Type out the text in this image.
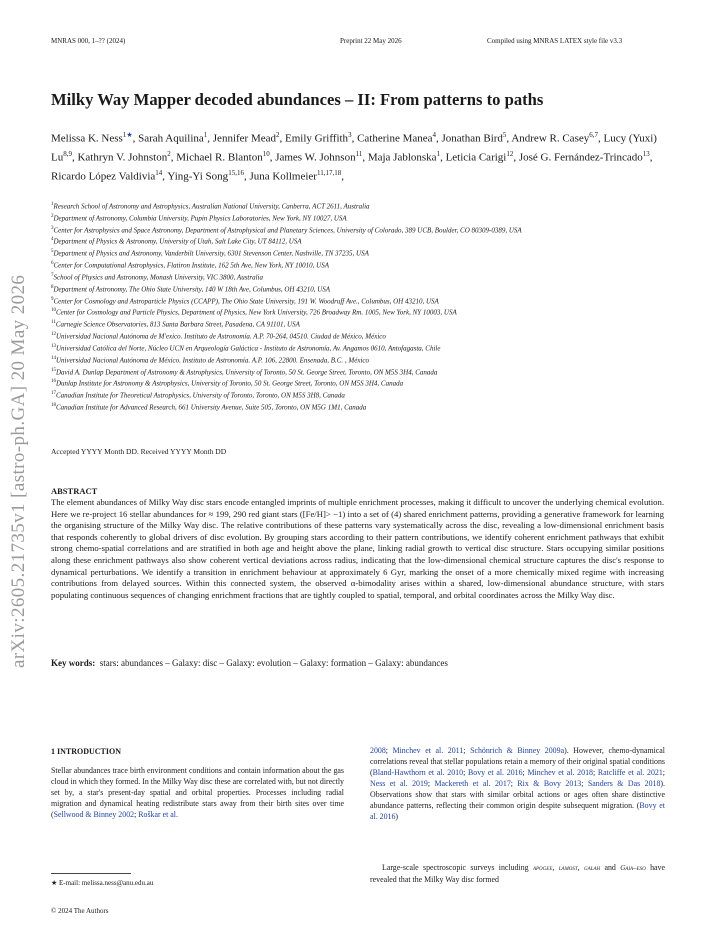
MNRAS 000, 1–?? (2024)	Preprint 22 May 2026	Compiled using MNRAS LATEX style file v3.3
arXiv:2605.21735v1 [astro-ph.GA] 20 May 2026
Milky Way Mapper decoded abundances – II: From patterns to paths
Melissa K. Ness$^{1★}$, Sarah Aquilina$^1$, Jennifer Mead$^2$, Emily Griffith$^3$, Catherine Manea$^4$, Jonathan Bird$^5$, Andrew R. Casey$^{6,7}$, Lucy (Yuxi) Lu$^{8,9}$, Kathryn V. Johnston$^2$, Michael R. Blanton$^{10}$, James W. Johnson$^{11}$, Maja Jablonska$^1$, Leticia Carigi$^{12}$, José G. Fernández-Trincado$^{13}$, Ricardo López Valdivia$^{14}$, Ying-Yi Song$^{15,16}$, Juna Kollmeier$^{11,17,18}$,
$^1$Research School of Astronomy and Astrophysics, Australian National University, Canberra, ACT 2611, Australia
$^2$Department of Astronomy, Columbia University, Pupin Physics Laboratories, New York, NY 10027, USA
$^3$Center for Astrophysics and Space Astronomy, Department of Astrophysical and Planetary Sciences, University of Colorado, 389 UCB, Boulder, CO 80309-0389, USA
$^4$Department of Physics & Astronomy, University of Utah, Salt Lake City, UT 84112, USA
$^5$Department of Physics and Astronomy, Vanderbilt University, 6301 Stevenson Center, Nashville, TN 37235, USA
$^6$Center for Computational Astrophysics, Flatiron Institute, 162 5th Ave, New York, NY 10010, USA
$^7$School of Physics and Astronomy, Monash University, VIC 3800, Australia
$^8$Department of Astronomy, The Ohio State University, 140 W 18th Ave, Columbus, OH 43210, USA
$^9$Center for Cosmology and Astroparticle Physics (CCAPP), The Ohio State University, 191 W. Woodruff Ave., Columbus, OH 43210, USA
$^{10}$Center for Cosmology and Particle Physics, Department of Physics, New York University, 726 Broadway Rm. 1005, New York, NY 10003, USA
$^{11}$Carnegie Science Observatories, 813 Santa Barbara Street, Pasadena, CA 91101, USA
$^{12}$Universidad Nacional Autónoma de M'exico. Instituto de Astronomía. A.P. 70-264, 04510. Ciudad de México, México
$^{13}$Universidad Católica del Norte, Núcleo UCN en Arqueología Galáctica - Instituto de Astronomía, Av. Angamos 0610, Antofagasta, Chile
$^{14}$Universidad Nacional Autónoma de México. Instituto de Astronomía. A.P. 106, 22800. Ensenada, B.C. , México
$^{15}$David A. Dunlap Department of Astronomy & Astrophysics, University of Toronto, 50 St. George Street, Toronto, ON M5S 3H4, Canada
$^{16}$Dunlap Institute for Astronomy & Astrophysics, University of Toronto, 50 St. George Street, Toronto, ON M5S 3H4, Canada
$^{17}$Canadian Institute for Theoretical Astrophysics, University of Toronto, Toronto, ON M5S 3H8, Canada
$^{18}$Canadian Institute for Advanced Research, 661 University Avenue, Suite 505, Toronto, ON M5G 1M1, Canada
Accepted YYYY Month DD. Received YYYY Month DD
ABSTRACT
The element abundances of Milky Way disc stars encode entangled imprints of multiple enrichment processes, making it difficult to uncover the underlying chemical evolution. Here we re-project 16 stellar abundances for ≈ 199, 290 red giant stars ([Fe/H]> −1) into a set of (4) shared enrichment patterns, providing a generative framework for learning the organising structure of the Milky Way disc. The relative contributions of these patterns vary systematically across the disc, revealing a low-dimensional enrichment basis that responds coherently to global drivers of disc evolution. By grouping stars according to their pattern contributions, we identify coherent enrichment pathways that exhibit strong chemo-spatial correlations and are stratified in both age and height above the plane, linking radial growth to vertical disc structure. Stars occupying similar positions along these enrichment pathways also show coherent vertical deviations across radius, indicating that the low-dimensional chemical structure captures the disc's response to dynamical perturbations. We identify a transition in enrichment behaviour at approximately 6 Gyr, marking the onset of a more chemically mixed regime with increasing contributions from delayed sources. Within this connected system, the observed α-bimodality arises within a shared, low-dimensional abundance structure, with stars populating continuous sequences of changing enrichment fractions that are tightly coupled to spatial, temporal, and orbital coordinates across the Milky Way disc.
Key words: stars: abundances – Galaxy: disc – Galaxy: evolution – Galaxy: formation – Galaxy: abundances
1 INTRODUCTION
Stellar abundances trace birth environment conditions and contain information about the gas cloud in which they formed. In the Milky Way disc these are correlated with, but not directly set by, a star's present-day spatial and orbital properties. Processes including radial migration and dynamical heating redistribute stars away from their birth sites over time (Sellwood & Binney 2002; Roškar et al.
2008; Minchev et al. 2011; Schönrich & Binney 2009a). However, chemo-dynamical correlations reveal that stellar populations retain a memory of their original spatial conditions (Bland-Hawthorn et al. 2010; Bovy et al. 2016; Minchev et al. 2018; Ratcliffe et al. 2021; Ness et al. 2019; Mackereth et al. 2017; Rix & Bovy 2013; Sanders & Das 2018). Observations show that stars with similar orbital actions or ages often share distinctive abundance patterns, reflecting their common origin despite subsequent migration. (Bovy et al. 2016)
Large-scale spectroscopic surveys including apogee, lamost, galah and Gaia–eso have revealed that the Milky Way disc formed
★ E-mail: melissa.ness@anu.edu.au
© 2024 The Authors
